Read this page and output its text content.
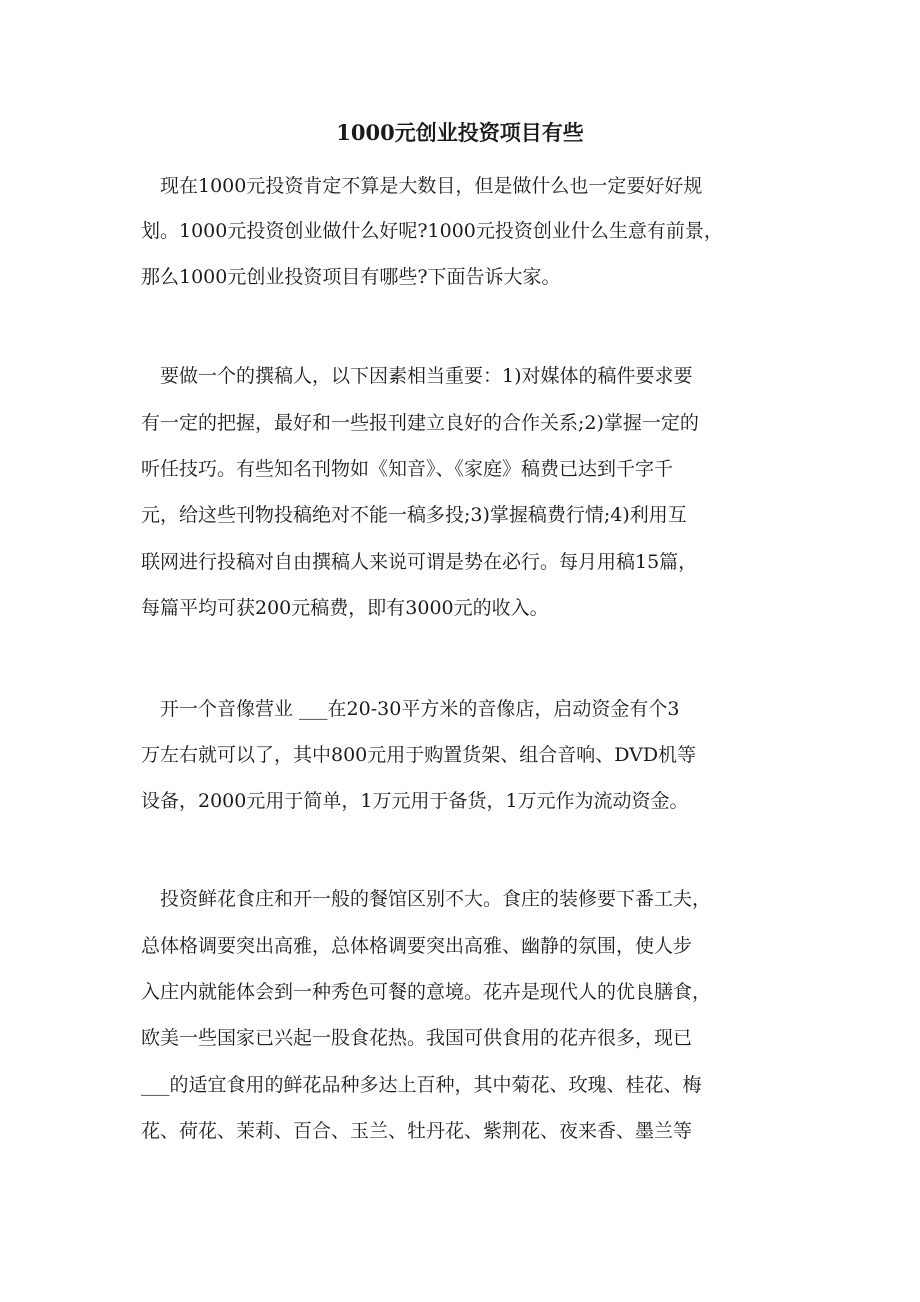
1000元创业投资项目有些

　现在1000元投资肯定不算是大数目，但是做什么也一定要好好规

划。1000元投资创业做什么好呢?1000元投资创业什么生意有前景，

那么1000元创业投资项目有哪些?下面告诉大家。

　要做一个的撰稿人，以下因素相当重要：1)对媒体的稿件要求要

有一定的把握，最好和一些报刊建立良好的合作关系;2)掌握一定的

听任技巧。有些知名刊物如《知音》、《家庭》稿费已达到千字千

元，给这些刊物投稿绝对不能一稿多投;3)掌握稿费行情;4)利用互

联网进行投稿对自由撰稿人来说可谓是势在必行。每月用稿15篇，

每篇平均可获200元稿费，即有3000元的收入。

　开一个音像营业 ___在20-30平方米的音像店，启动资金有个3

万左右就可以了，其中800元用于购置货架、组合音响、DVD机等

设备，2000元用于简单，1万元用于备货，1万元作为流动资金。

　投资鲜花食庄和开一般的餐馆区别不大。食庄的装修要下番工夫，

总体格调要突出高雅，总体格调要突出高雅、幽静的氛围，使人步

入庄内就能体会到一种秀色可餐的意境。花卉是现代人的优良膳食，

欧美一些国家已兴起一股食花热。我国可供食用的花卉很多，现已

___的适宜食用的鲜花品种多达上百种，其中菊花、玫瑰、桂花、梅

花、荷花、茉莉、百合、玉兰、牡丹花、紫荆花、夜来香、墨兰等
